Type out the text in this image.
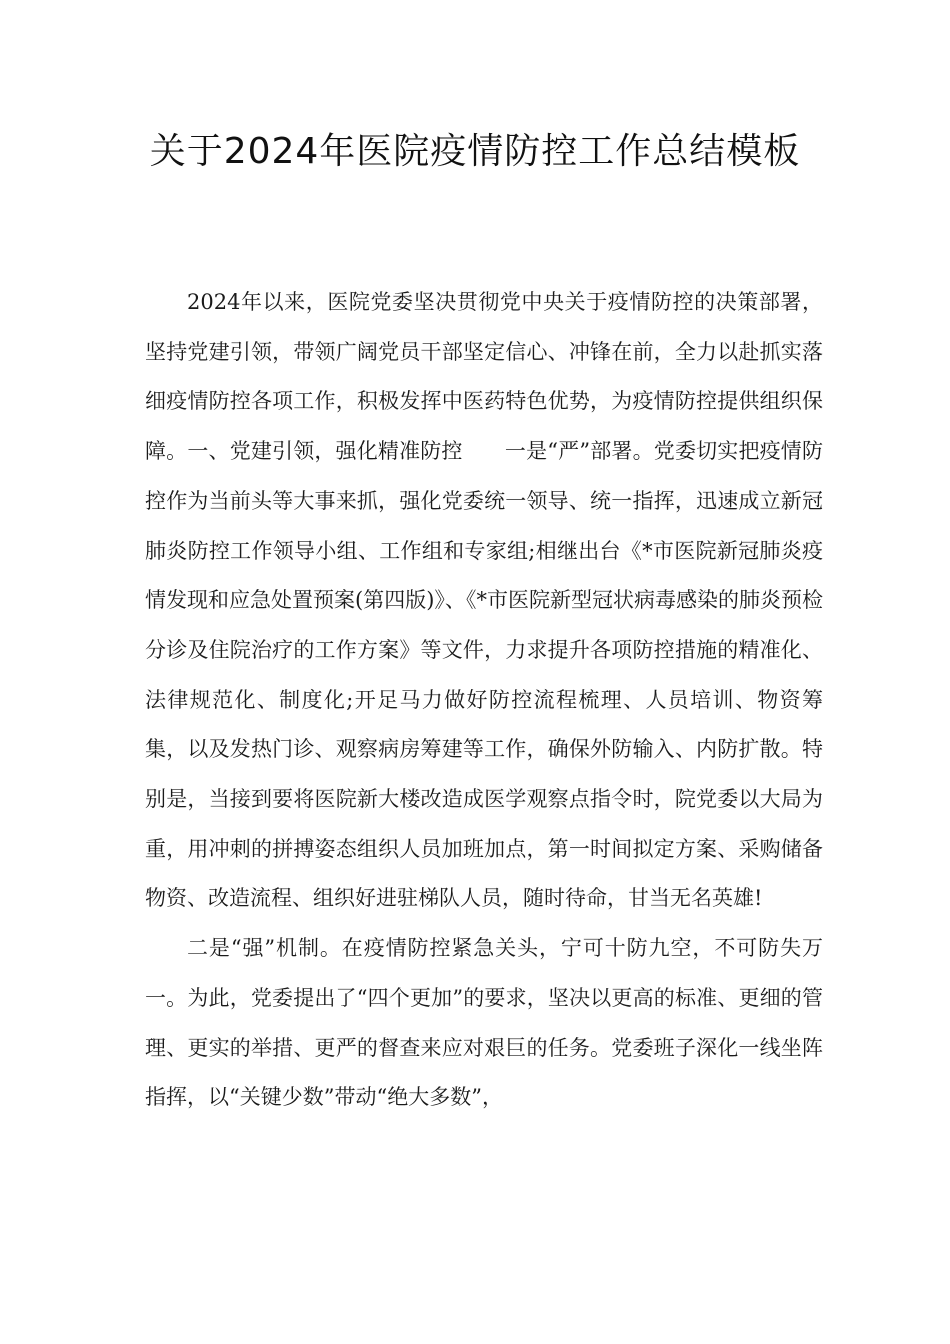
关于2024年医院疫情防控工作总结模板

2024年以来，医院党委坚决贯彻党中央关于疫情防控的决策部署，坚持党建引领，带领广阔党员干部坚定信心、冲锋在前，全力以赴抓实落细疫情防控各项工作，积极发挥中医药特色优势，为疫情防控提供组织保障。一、党建引领，强化精准防控　　一是“严”部署。党委切实把疫情防控作为当前头等大事来抓，强化党委统一领导、统一指挥，迅速成立新冠肺炎防控工作领导小组、工作组和专家组;相继出台《*市医院新冠肺炎疫情发现和应急处置预案(第四版)》、《*市医院新型冠状病毒感染的肺炎预检分诊及住院治疗的工作方案》等文件，力求提升各项防控措施的精准化、法律规范化、制度化;开足马力做好防控流程梳理、人员培训、物资筹集，以及发热门诊、观察病房筹建等工作，确保外防输入、内防扩散。特别是，当接到要将医院新大楼改造成医学观察点指令时，院党委以大局为重，用冲刺的拼搏姿态组织人员加班加点，第一时间拟定方案、采购储备物资、改造流程、组织好进驻梯队人员，随时待命，甘当无名英雄!

二是“强”机制。在疫情防控紧急关头，宁可十防九空，不可防失万一。为此，党委提出了“四个更加”的要求，坚决以更高的标准、更细的管理、更实的举措、更严的督查来应对艰巨的任务。党委班子深化一线坐阵指挥，以“关键少数”带动“绝大多数”，
